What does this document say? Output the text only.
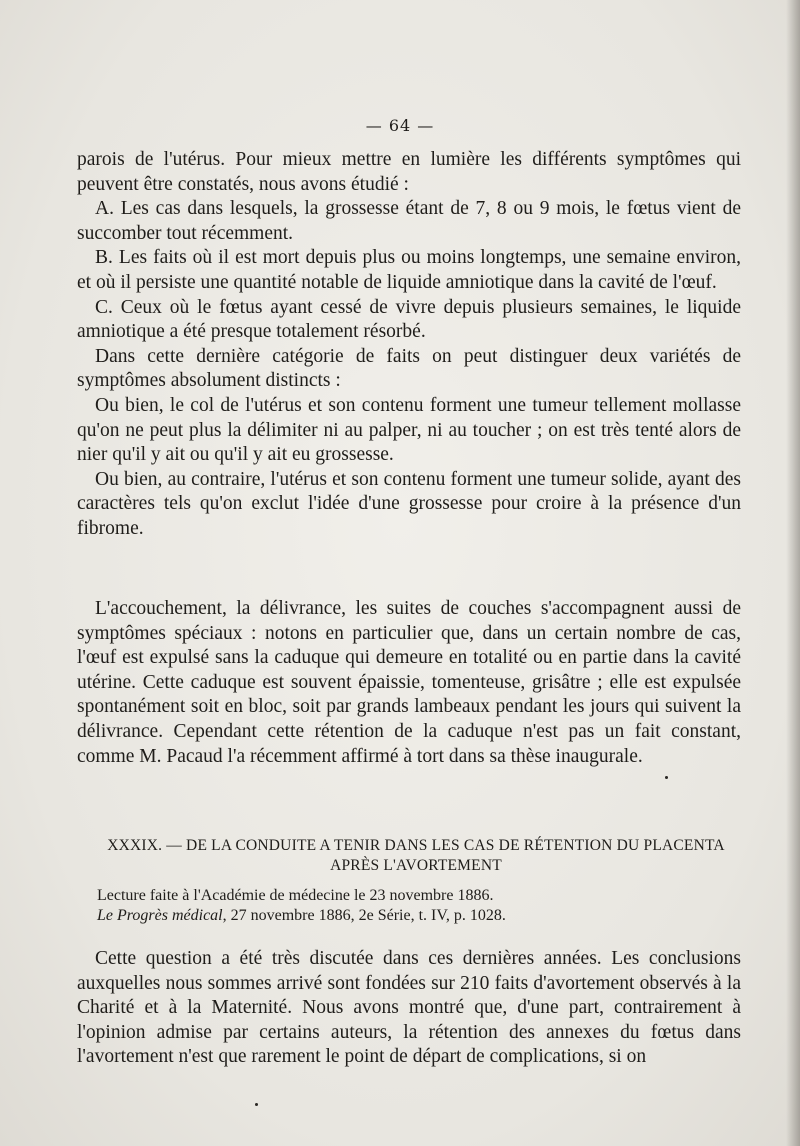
— 64 —

parois de l'utérus. Pour mieux mettre en lumière les différents symptômes qui peuvent être constatés, nous avons étudié :

A. Les cas dans lesquels, la grossesse étant de 7, 8 ou 9 mois, le fœtus vient de succomber tout récemment.

B. Les faits où il est mort depuis plus ou moins longtemps, une semaine environ, et où il persiste une quantité notable de liquide amniotique dans la cavité de l'œuf.

C. Ceux où le fœtus ayant cessé de vivre depuis plusieurs semaines, le liquide amniotique a été presque totalement résorbé.

Dans cette dernière catégorie de faits on peut distinguer deux variétés de symptômes absolument distincts :

Ou bien, le col de l'utérus et son contenu forment une tumeur tellement mollasse qu'on ne peut plus la délimiter ni au palper, ni au toucher ; on est très tenté alors de nier qu'il y ait ou qu'il y ait eu grossesse.

Ou bien, au contraire, l'utérus et son contenu forment une tumeur solide, ayant des caractères tels qu'on exclut l'idée d'une grossesse pour croire à la présence d'un fibrome.

L'accouchement, la délivrance, les suites de couches s'accompagnent aussi de symptômes spéciaux : notons en particulier que, dans un certain nombre de cas, l'œuf est expulsé sans la caduque qui demeure en totalité ou en partie dans la cavité utérine. Cette caduque est souvent épaissie, tomenteuse, grisâtre ; elle est expulsée spontanément soit en bloc, soit par grands lambeaux pendant les jours qui suivent la délivrance. Cependant cette rétention de la caduque n'est pas un fait constant, comme M. Pacaud l'a récemment affirmé à tort dans sa thèse inaugurale.

XXXIX. — DE LA CONDUITE A TENIR DANS LES CAS DE RÉTENTION DU PLACENTA

APRÈS L'AVORTEMENT

Lecture faite à l'Académie de médecine le 23 novembre 1886.

Le Progrès médical, 27 novembre 1886, 2e Série, t. IV, p. 1028.

Cette question a été très discutée dans ces dernières années. Les conclusions auxquelles nous sommes arrivé sont fondées sur 210 faits d'avortement observés à la Charité et à la Maternité. Nous avons montré que, d'une part, contrairement à l'opinion admise par certains auteurs, la rétention des annexes du fœtus dans l'avortement n'est que rarement le point de départ de complications, si on
